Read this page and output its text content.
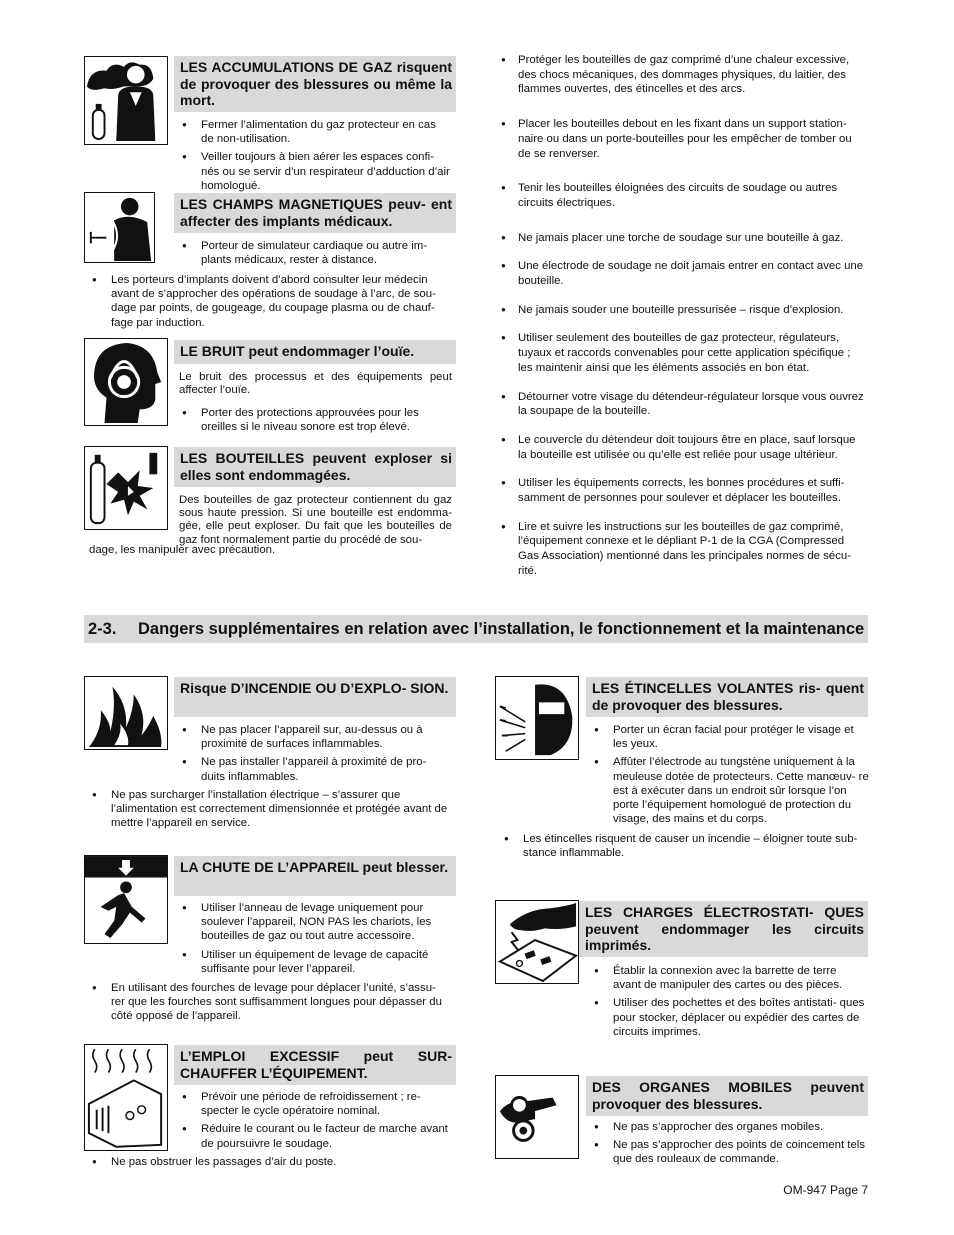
LES ACCUMULATIONS DE GAZ risquent de provoquer des blessures ou même la mort.
● Fermer l’alimentation du gaz protecteur en cas de non-utilisation.
● Veiller toujours à bien aérer les espaces confi- nés ou se servir d’un respirateur d’adduction d’air homologué.
LES CHAMPS MAGNETIQUES peuv- ent affecter des implants médicaux.
● Porteur de simulateur cardiaque ou autre im- plants médicaux, rester à distance.
● Les porteurs d’implants doivent d’abord consulter leur médecin avant de s’approcher des opérations de soudage à l’arc, de sou- dage par points, de gougeage, du coupage plasma ou de chauf- fage par induction.
LE BRUIT peut endommager l’ouïe.

Le bruit des processus et des équipements peut affecter l’ouïe.

● Porter des protections approuvées pour les oreilles si le niveau sonore est trop élevé.
LES BOUTEILLES peuvent exploser si elles sont endommagées.

Des bouteilles de gaz protecteur contiennent du gaz sous haute pression. Si une bouteille est endomma- gée, elle peut exploser. Du fait que les bouteilles de gaz font normalement partie du procédé de sou-

dage, les manipuler avec précaution.

● Protéger les bouteilles de gaz comprimé d’une chaleur excessive, des chocs mécaniques, des dommages physiques, du laitier, des flammes ouvertes, des étincelles et des arcs.
● Placer les bouteilles debout en les fixant dans un support station- naire ou dans un porte-bouteilles pour les empêcher de tomber ou de se renverser.
● Tenir les bouteilles éloignées des circuits de soudage ou autres circuits électriques.
● Ne jamais placer une torche de soudage sur une bouteille à gaz.
● Une électrode de soudage ne doit jamais entrer en contact avec une bouteille.
● Ne jamais souder une bouteille pressurisée – risque d’explosion.
● Utiliser seulement des bouteilles de gaz protecteur, régulateurs, tuyaux et raccords convenables pour cette application spécifique ; les maintenir ainsi que les éléments associés en bon état.
● Détourner votre visage du détendeur-régulateur lorsque vous ouvrez la soupape de la bouteille.
● Le couvercle du détendeur doit toujours être en place, sauf lorsque la bouteille est utilisée ou qu’elle est reliée pour usage ultérieur.
● Utiliser les équipements corrects, les bonnes procédures et suffi- samment de personnes pour soulever et déplacer les bouteilles.
● Lire et suivre les instructions sur les bouteilles de gaz comprimé, l’équipement connexe et le dépliant P-1 de la CGA (Compressed Gas Association) mentionné dans les principales normes de sécu- rité.
2-3. Dangers supplémentaires en relation avec l’installation, le fonctionnement et la maintenance
Risque D’INCENDIE OU D’EXPLO- SION.
● Ne pas placer l’appareil sur, au-dessus ou à proximité de surfaces inflammables.
● Ne pas installer l’appareil à proximité de pro- duits inflammables.
● Ne pas surcharger l’installation électrique – s’assurer que l’alimentation est correctement dimensionnée et protégée avant de mettre l’appareil en service.
LA CHUTE DE L’APPAREIL peut blesser.
● Utiliser l’anneau de levage uniquement pour soulever l’appareil, NON PAS les chariots, les bouteilles de gaz ou tout autre accessoire.
● Utiliser un équipement de levage de capacité suffisante pour lever l’appareil.
● En utilisant des fourches de levage pour déplacer l’unité, s’assu- rer que les fourches sont suffisamment longues pour dépasser du côté opposé de l’appareil.
L’EMPLOI EXCESSIF peut SUR- CHAUFFER L’ÉQUIPEMENT.
● Prévoir une période de refroidissement ; re- specter le cycle opératoire nominal.
● Réduire le courant ou le facteur de marche avant de poursuivre le soudage.
● Ne pas obstruer les passages d’air du poste.
LES ÉTINCELLES VOLANTES ris- quent de provoquer des blessures.
● Porter un écran facial pour protéger le visage et les yeux.
● Affûter l’électrode au tungstène uniquement à la meuleuse dotée de protecteurs. Cette manœuv- re est à exécuter dans un endroit sûr lorsque l’on porte l’équipement homologué de protection du visage, des mains et du corps.
● Les étincelles risquent de causer un incendie – éloigner toute sub- stance inflammable.
LES CHARGES ÉLECTROSTATI- QUES peuvent endommager les circuits imprimés.
● Établir la connexion avec la barrette de terre avant de manipuler des cartes ou des pièces.
● Utiliser des pochettes et des boîtes antistati- ques pour stocker, déplacer ou expédier des cartes de circuits imprimes.
DES ORGANES MOBILES peuvent provoquer des blessures.
● Ne pas s’approcher des organes mobiles.
● Ne pas s’approcher des points de coincement tels que des rouleaux de commande.
OM-947 Page 7
